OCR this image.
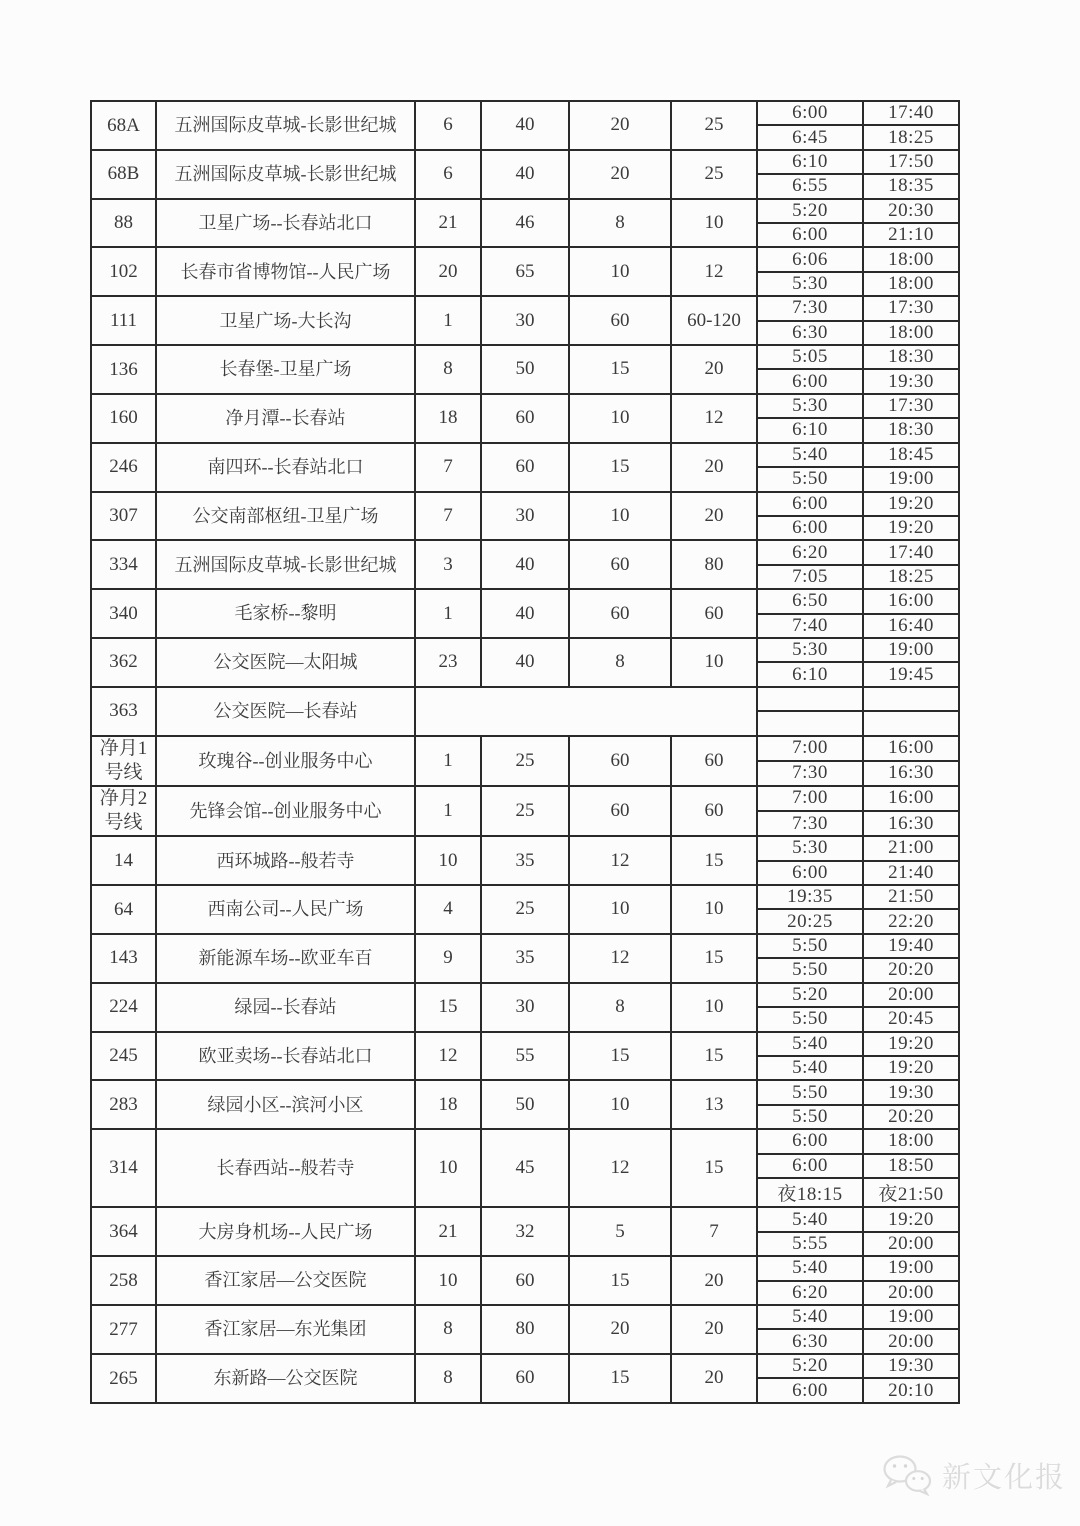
68A	五洲国际皮草城-长影世纪城	6	40	20	25	6:00	17:40
						6:45	18:25
68B	五洲国际皮草城-长影世纪城	6	40	20	25	6:10	17:50
						6:55	18:35
88	卫星广场--长春站北口	21	46	8	10	5:20	20:30
						6:00	21:10
102	长春市省博物馆--人民广场	20	65	10	12	6:06	18:00
						5:30	18:00
111	卫星广场-大长沟	1	30	60	60-120	7:30	17:30
						6:30	18:00
136	长春堡-卫星广场	8	50	15	20	5:05	18:30
						6:00	19:30
160	净月潭--长春站	18	60	10	12	5:30	17:30
						6:10	18:30
246	南四环--长春站北口	7	60	15	20	5:40	18:45
						5:50	19:00
307	公交南部枢纽-卫星广场	7	30	10	20	6:00	19:20
						6:00	19:20
334	五洲国际皮草城-长影世纪城	3	40	60	80	6:20	17:40
						7:05	18:25
340	毛家桥--黎明	1	40	60	60	6:50	16:00
						7:40	16:40
362	公交医院—太阳城	23	40	8	10	5:30	19:00
						6:10	19:45
363	公交医院—长春站						

净月1号线	玫瑰谷--创业服务中心	1	25	60	60	7:00	16:00
						7:30	16:30
净月2号线	先锋会馆--创业服务中心	1	25	60	60	7:00	16:00
						7:30	16:30
14	西环城路--般若寺	10	35	12	15	5:30	21:00
						6:00	21:40
64	西南公司--人民广场	4	25	10	10	19:35	21:50
						20:25	22:20
143	新能源车场--欧亚车百	9	35	12	15	5:50	19:40
						5:50	20:20
224	绿园--长春站	15	30	8	10	5:20	20:00
						5:50	20:45
245	欧亚卖场--长春站北口	12	55	15	15	5:40	19:20
						5:40	19:20
283	绿园小区--滨河小区	18	50	10	13	5:50	19:30
						5:50	20:20
314	长春西站--般若寺	10	45	12	15	6:00	18:00
						6:00	18:50
						夜18:15	夜21:50
364	大房身机场--人民广场	21	32	5	7	5:40	19:20
						5:55	20:00
258	香江家居—公交医院	10	60	15	20	5:40	19:00
						6:20	20:00
277	香江家居—东光集团	8	80	20	20	5:40	19:00
						6:30	20:00
265	东新路—公交医院	8	60	15	20	5:20	19:30
						6:00	20:10
新文化报
